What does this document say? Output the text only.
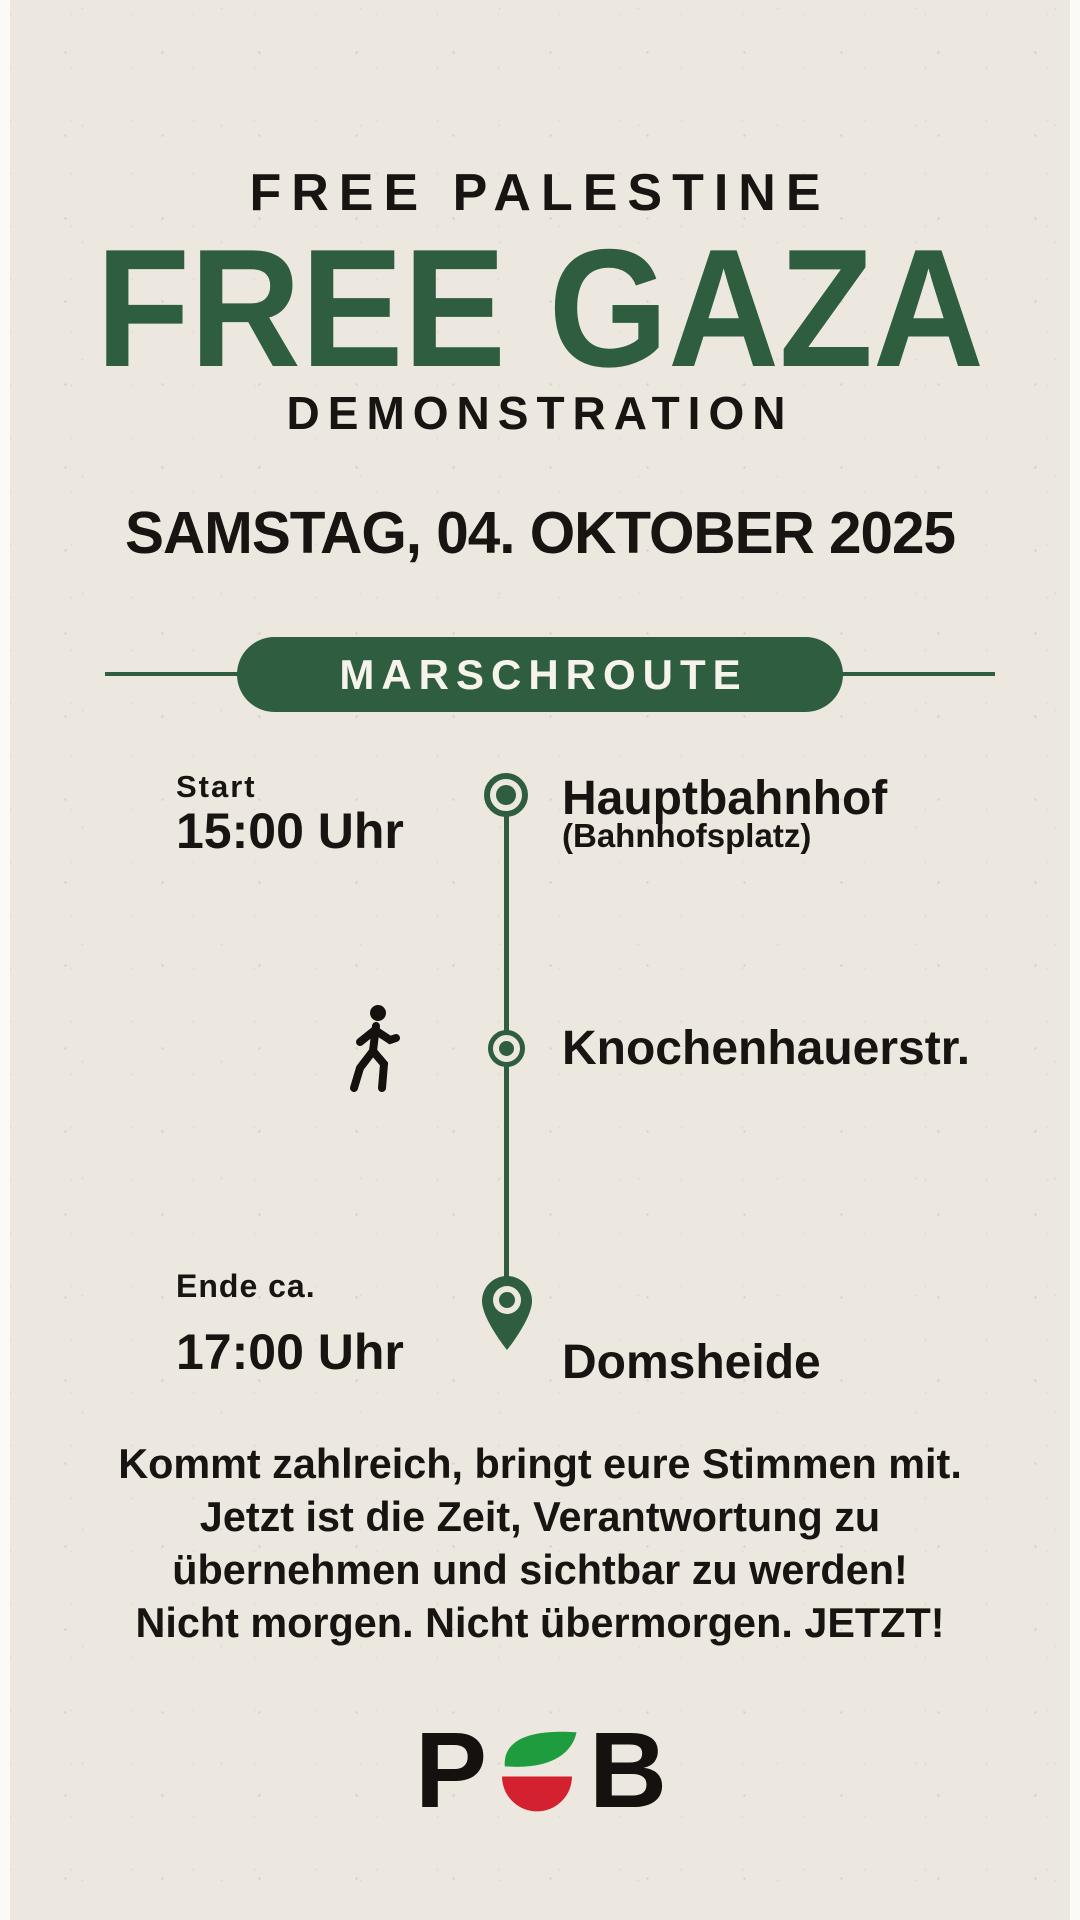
FREE PALESTINE
FREE GAZA
DEMONSTRATION
SAMSTAG, 04. OKTOBER 2025
MARSCHROUTE
Start
15:00 Uhr
Hauptbahnhof
(Bahnhofsplatz)
Knochenhauerstr.
Ende ca.
17:00 Uhr	Domsheide
Kommt zahlreich, bringt eure Stimmen mit.
Jetzt ist die Zeit, Verantwortung zu
übernehmen und sichtbar zu werden!
Nicht morgen. Nicht übermorgen. JETZT!
P B
